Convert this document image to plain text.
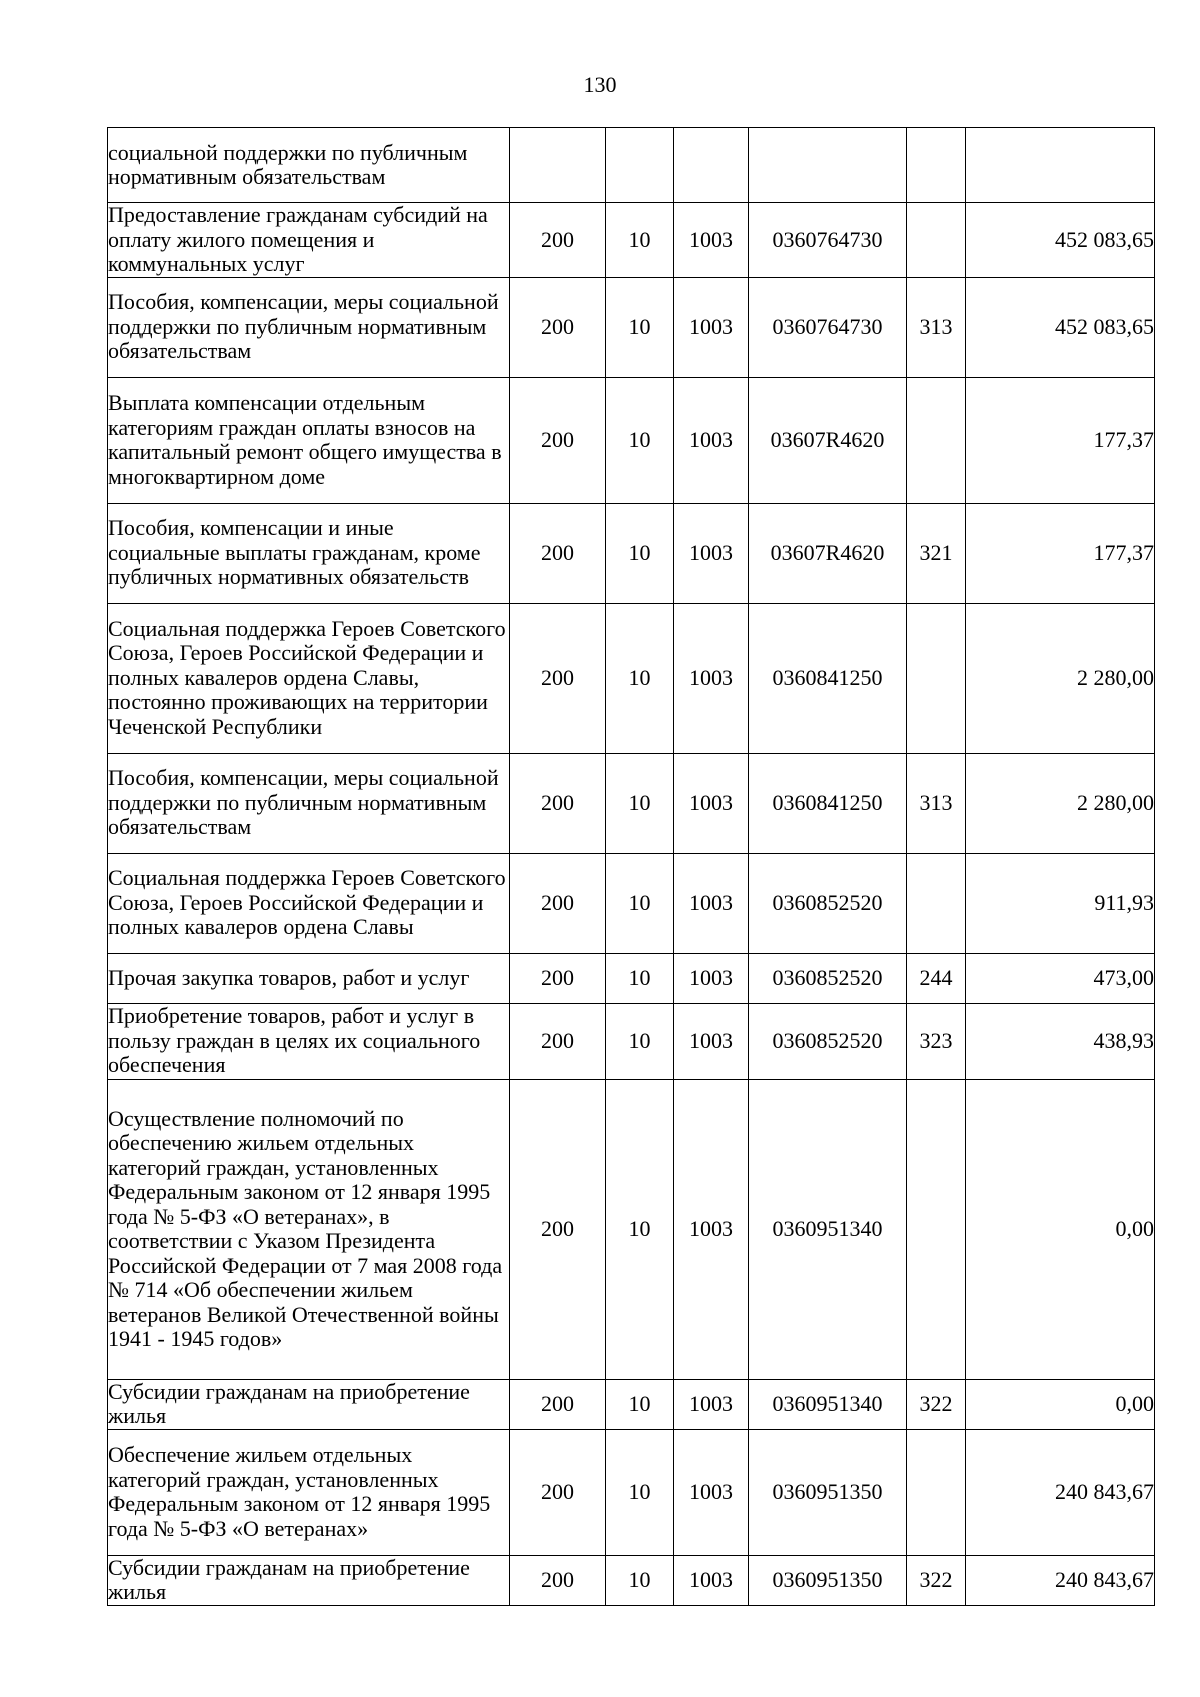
130
социальной поддержки по публичным нормативным обязательствам						
Предоставление гражданам субсидий на оплату жилого помещения и коммунальных услуг	200	10	1003	0360764730		452 083,65
Пособия, компенсации, меры социальной поддержки по публичным нормативным обязательствам	200	10	1003	0360764730	313	452 083,65
Выплата компенсации отдельным категориям граждан оплаты взносов на капитальный ремонт общего имущества в многоквартирном доме	200	10	1003	03607R4620		177,37
Пособия, компенсации и иные социальные выплаты гражданам, кроме публичных нормативных обязательств	200	10	1003	03607R4620	321	177,37
Социальная поддержка Героев Советского Союза, Героев Российской Федерации и полных кавалеров ордена Славы, постоянно проживающих на территории Чеченской Республики	200	10	1003	0360841250		2 280,00
Пособия, компенсации, меры социальной поддержки по публичным нормативным обязательствам	200	10	1003	0360841250	313	2 280,00
Социальная поддержка Героев Советского Союза, Героев Российской Федерации и полных кавалеров ордена Славы	200	10	1003	0360852520		911,93
Прочая закупка товаров, работ и услуг	200	10	1003	0360852520	244	473,00
Приобретение товаров, работ и услуг в пользу граждан в целях их социального обеспечения	200	10	1003	0360852520	323	438,93
Осуществление полномочий по обеспечению жильем отдельных категорий граждан, установленных Федеральным законом от 12 января 1995 года № 5-ФЗ «О ветеранах», в соответствии с Указом Президента Российской Федерации от 7 мая 2008 года № 714 «Об обеспечении жильем ветеранов Великой Отечественной войны 1941 - 1945 годов»	200	10	1003	0360951340		0,00
Субсидии гражданам на приобретение жилья	200	10	1003	0360951340	322	0,00
Обеспечение жильем отдельных категорий граждан, установленных Федеральным законом от 12 января 1995 года № 5-ФЗ «О ветеранах»	200	10	1003	0360951350		240 843,67
Субсидии гражданам на приобретение жилья	200	10	1003	0360951350	322	240 843,67
